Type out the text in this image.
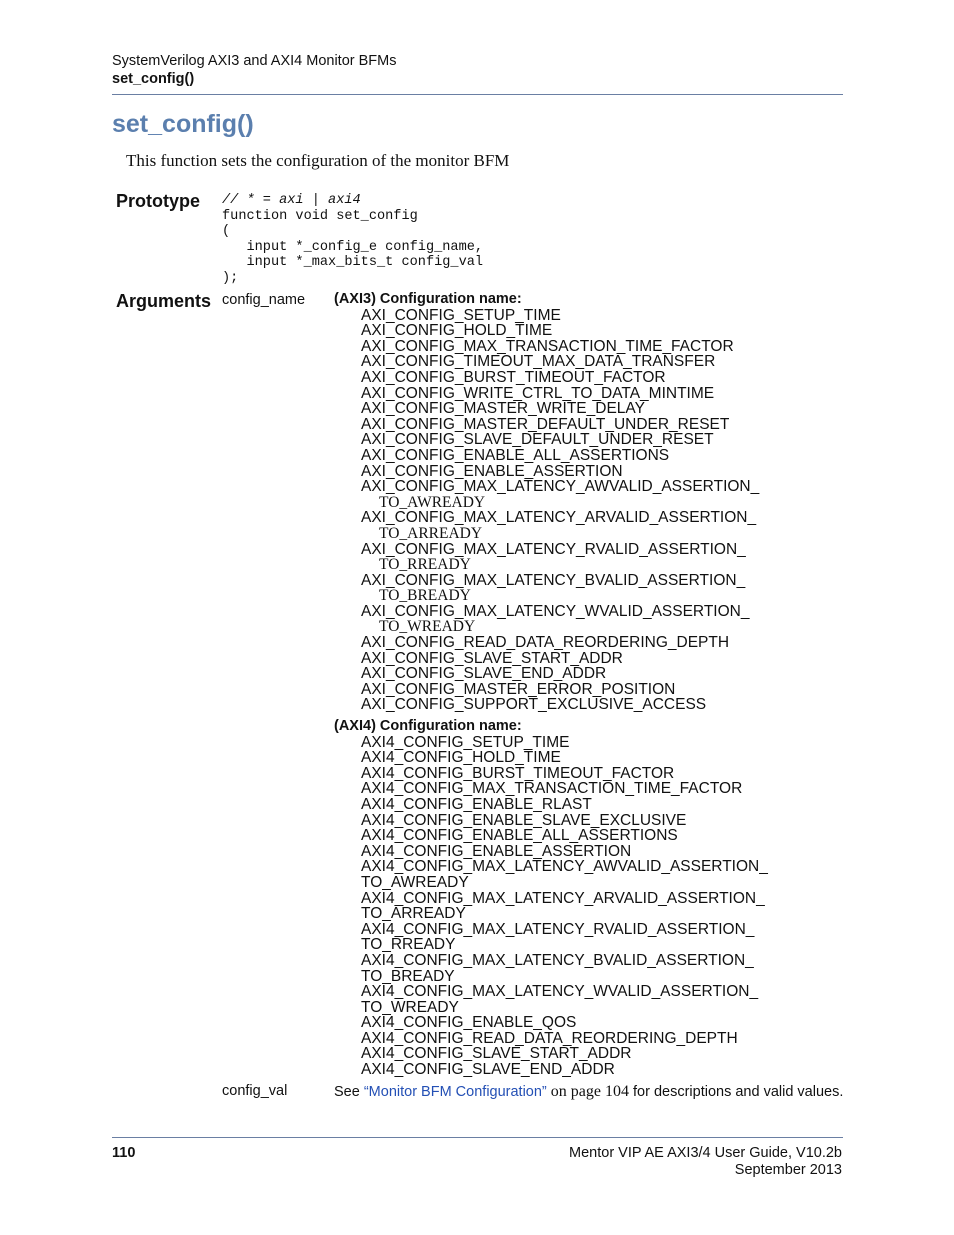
SystemVerilog AXI3 and AXI4 Monitor BFMs
set_config()
set_config()
This function sets the configuration of the monitor BFM
Prototype // * = axi | axi4
function void set_config
(
input *_config_e config_name,
input *_max_bits_t config_val
);
Arguments config_name (AXI3) Configuration name:
AXI_CONFIG_SETUP_TIME
AXI_CONFIG_HOLD_TIME
AXI_CONFIG_MAX_TRANSACTION_TIME_FACTOR
AXI_CONFIG_TIMEOUT_MAX_DATA_TRANSFER
AXI_CONFIG_BURST_TIMEOUT_FACTOR
AXI_CONFIG_WRITE_CTRL_TO_DATA_MINTIME
AXI_CONFIG_MASTER_WRITE_DELAY
AXI_CONFIG_MASTER_DEFAULT_UNDER_RESET
AXI_CONFIG_SLAVE_DEFAULT_UNDER_RESET
AXI_CONFIG_ENABLE_ALL_ASSERTIONS
AXI_CONFIG_ENABLE_ASSERTION
AXI_CONFIG_MAX_LATENCY_AWVALID_ASSERTION_
TO_AWREADY
AXI_CONFIG_MAX_LATENCY_ARVALID_ASSERTION_
TO_ARREADY
AXI_CONFIG_MAX_LATENCY_RVALID_ASSERTION_
TO_RREADY
AXI_CONFIG_MAX_LATENCY_BVALID_ASSERTION_
TO_BREADY
AXI_CONFIG_MAX_LATENCY_WVALID_ASSERTION_
TO_WREADY
AXI_CONFIG_READ_DATA_REORDERING_DEPTH
AXI_CONFIG_SLAVE_START_ADDR
AXI_CONFIG_SLAVE_END_ADDR
AXI_CONFIG_MASTER_ERROR_POSITION
AXI_CONFIG_SUPPORT_EXCLUSIVE_ACCESS
(AXI4) Configuration name:
AXI4_CONFIG_SETUP_TIME
AXI4_CONFIG_HOLD_TIME
AXI4_CONFIG_BURST_TIMEOUT_FACTOR
AXI4_CONFIG_MAX_TRANSACTION_TIME_FACTOR
AXI4_CONFIG_ENABLE_RLAST
AXI4_CONFIG_ENABLE_SLAVE_EXCLUSIVE
AXI4_CONFIG_ENABLE_ALL_ASSERTIONS
AXI4_CONFIG_ENABLE_ASSERTION
AXI4_CONFIG_MAX_LATENCY_AWVALID_ASSERTION_
TO_AWREADY
AXI4_CONFIG_MAX_LATENCY_ARVALID_ASSERTION_
TO_ARREADY
AXI4_CONFIG_MAX_LATENCY_RVALID_ASSERTION_
TO_RREADY
AXI4_CONFIG_MAX_LATENCY_BVALID_ASSERTION_
TO_BREADY
AXI4_CONFIG_MAX_LATENCY_WVALID_ASSERTION_
TO_WREADY
AXI4_CONFIG_ENABLE_QOS
AXI4_CONFIG_READ_DATA_REORDERING_DEPTH
AXI4_CONFIG_SLAVE_START_ADDR
AXI4_CONFIG_SLAVE_END_ADDR
config_val	See “Monitor BFM Configuration” on page 104 for descriptions and valid values.
110	Mentor VIP AE AXI3/4 User Guide, V10.2b
September 2013
